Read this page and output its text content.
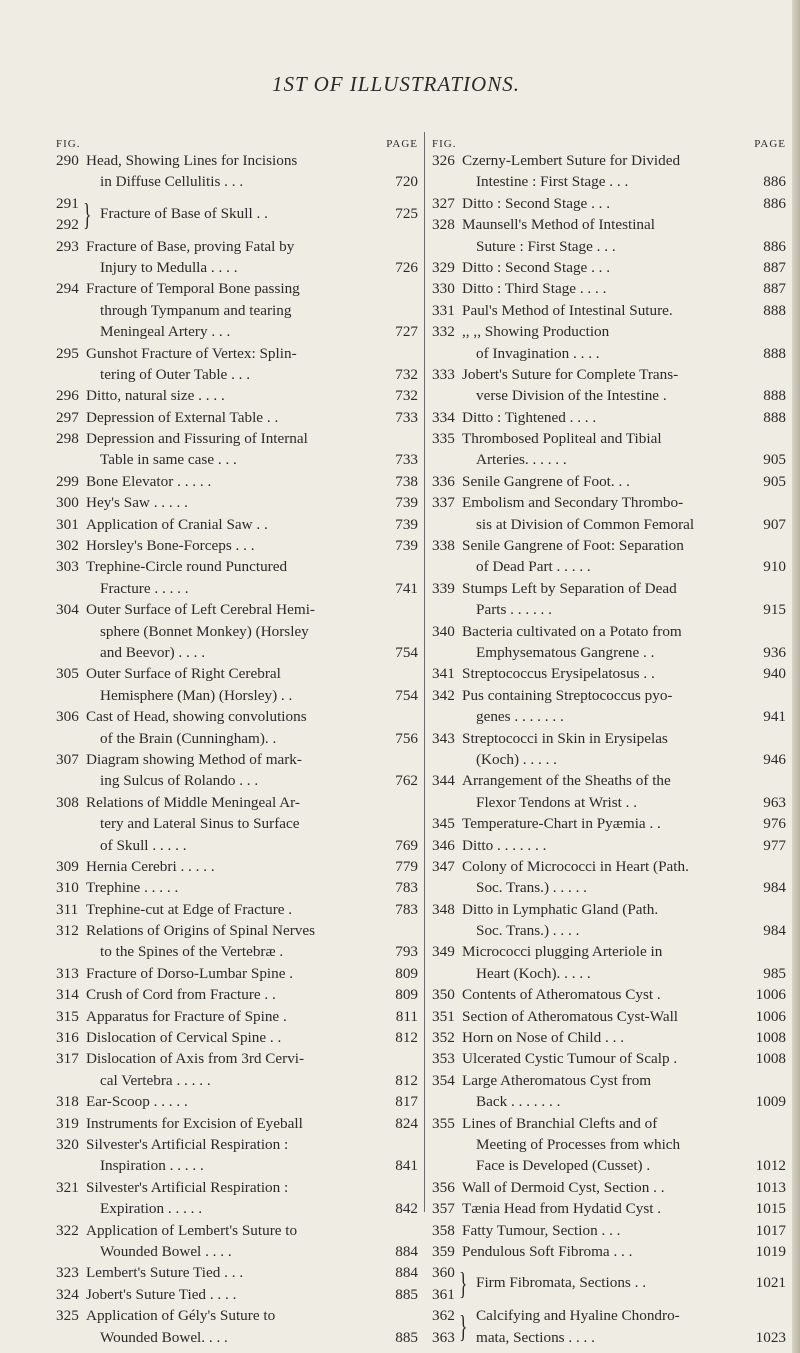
1ST OF ILLUSTRATIONS.
FIG.	PAGE
290 Head, Showing Lines for Incisions
in Diffuse Cellulitis . . .	720
291
292 } Fracture of Base of Skull . .	725
293 Fracture of Base, proving Fatal by
Injury to Medulla . . . .	726
294 Fracture of Temporal Bone passing
through Tympanum and tearing
Meningeal Artery . . .	727
295 Gunshot Fracture of Vertex: Splin-
tering of Outer Table . . .	732
296 Ditto, natural size . . . .	732
297 Depression of External Table . .	733
298 Depression and Fissuring of Internal
Table in same case . . .	733
299 Bone Elevator . . . . .	738
300 Hey's Saw . . . . .	739
301 Application of Cranial Saw . .	739
302 Horsley's Bone-Forceps . . .	739
303 Trephine-Circle round Punctured
Fracture . . . . .	741
304 Outer Surface of Left Cerebral Hemi-
sphere (Bonnet Monkey) (Horsley
and Beevor) . . . .	754
305 Outer Surface of Right Cerebral
Hemisphere (Man) (Horsley) . .	754
306 Cast of Head, showing convolutions
of the Brain (Cunningham). .	756
307 Diagram showing Method of mark-
ing Sulcus of Rolando . . .	762
308 Relations of Middle Meningeal Ar-
tery and Lateral Sinus to Surface
of Skull . . . . .	769
309 Hernia Cerebri . . . . .	779
310 Trephine . . . . .	783
311 Trephine-cut at Edge of Fracture .	783
312 Relations of Origins of Spinal Nerves
to the Spines of the Vertebræ .	793
313 Fracture of Dorso-Lumbar Spine .	809
314 Crush of Cord from Fracture . .	809
315 Apparatus for Fracture of Spine .	811
316 Dislocation of Cervical Spine . .	812
317 Dislocation of Axis from 3rd Cervi-
cal Vertebra . . . . .	812
318 Ear-Scoop . . . . .	817
319 Instruments for Excision of Eyeball	824
320 Silvester's Artificial Respiration :
Inspiration . . . . .	841
321 Silvester's Artificial Respiration :
Expiration . . . . .	842
322 Application of Lembert's Suture to
Wounded Bowel . . . .	884
323 Lembert's Suture Tied . . .	884
324 Jobert's Suture Tied . . . .	885
325 Application of Gély's Suture to
Wounded Bowel. . . .	885
FIG.	PAGE
326 Czerny-Lembert Suture for Divided
Intestine : First Stage . . .	886
327 Ditto : Second Stage . . .	886
328 Maunsell's Method of Intestinal
Suture : First Stage . . .	886
329 Ditto : Second Stage . . .	887
330 Ditto : Third Stage . . . .	887
331 Paul's Method of Intestinal Suture.	888
332 ,, ,, Showing Production
of Invagination . . . .	888
333 Jobert's Suture for Complete Trans-
verse Division of the Intestine .	888
334 Ditto : Tightened . . . .	888
335 Thrombosed Popliteal and Tibial
Arteries. . . . . .	905
336 Senile Gangrene of Foot. . .	905
337 Embolism and Secondary Thrombo-
sis at Division of Common Femoral	907
338 Senile Gangrene of Foot: Separation
of Dead Part . . . . .	910
339 Stumps Left by Separation of Dead
Parts . . . . . .	915
340 Bacteria cultivated on a Potato from
Emphysematous Gangrene . .	936
341 Streptococcus Erysipelatosus . .	940
342 Pus containing Streptococcus pyo-
genes . . . . . . .	941
343 Streptococci in Skin in Erysipelas
(Koch) . . . . .	946
344 Arrangement of the Sheaths of the
Flexor Tendons at Wrist . .	963
345 Temperature-Chart in Pyæmia . .	976
346 Ditto . . . . . . .	977
347 Colony of Micrococci in Heart (Path.
Soc. Trans.) . . . . .	984
348 Ditto in Lymphatic Gland (Path.
Soc. Trans.) . . . .	984
349 Micrococci plugging Arteriole in
Heart (Koch). . . . .	985
350 Contents of Atheromatous Cyst .	1006
351 Section of Atheromatous Cyst-Wall	1006
352 Horn on Nose of Child . . .	1008
353 Ulcerated Cystic Tumour of Scalp .	1008
354 Large Atheromatous Cyst from
Back . . . . . . .	1009
355 Lines of Branchial Clefts and of
Meeting of Processes from which
Face is Developed (Cusset) .	1012
356 Wall of Dermoid Cyst, Section . .	1013
357 Tænia Head from Hydatid Cyst .	1015
358 Fatty Tumour, Section . . .	1017
359 Pendulous Soft Fibroma . . .	1019
360
361 } Firm Fibromata, Sections . .	1021
362
363 } Calcifying and Hyaline Chondro-
mata, Sections . . . .	1023
